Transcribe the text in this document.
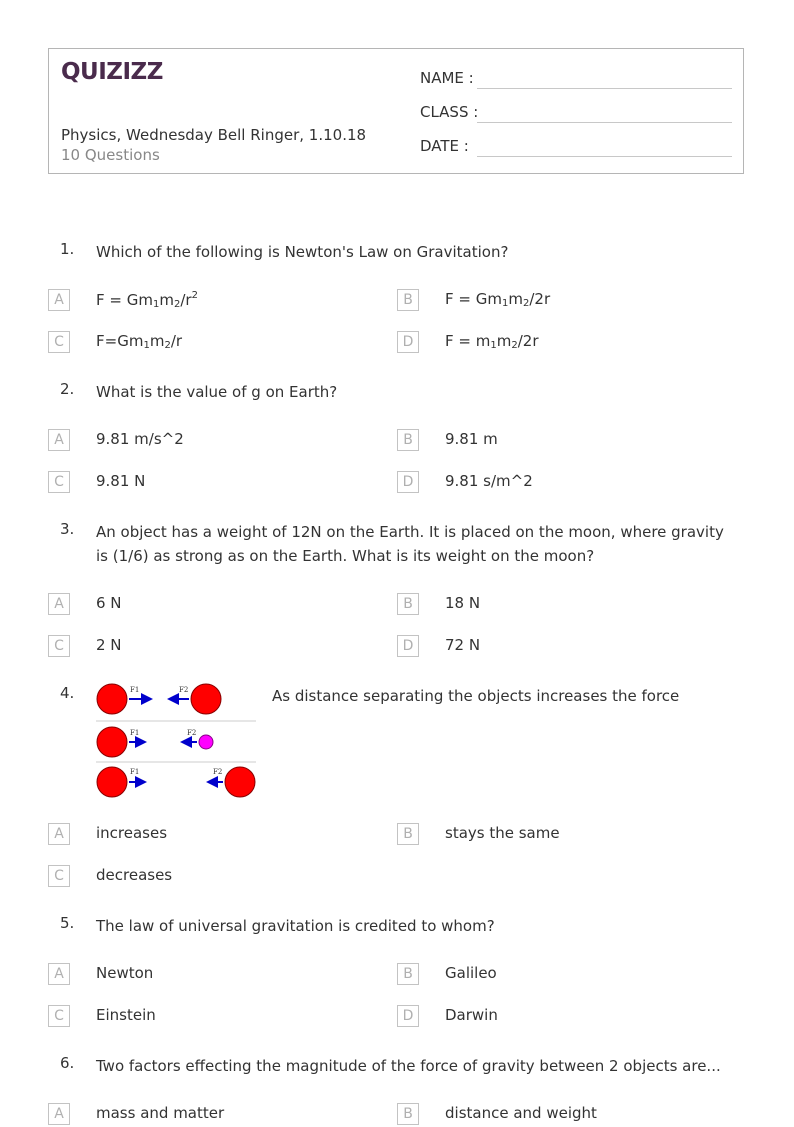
QUIZIZZ
Physics, Wednesday Bell Ringer, 1.10.18
10 Questions
NAME :
CLASS :
DATE :
1.	Which of the following is Newton's Law on Gravitation?
A	$F = Gm_1m_2/r^2$	B	$F = Gm_1m_2/2r$
C	$F=Gm_1m_2/r$	D	$F = m_1m_2/2r$
2.	What is the value of g on Earth?
A	9.81 m/s^2	B	9.81 m
C	9.81 N	D	9.81 s/m^2
3.	An object has a weight of 12N on the Earth. It is placed on the moon, where gravity is (1/6) as strong as on the Earth. What is its weight on the moon?
A	6 N	B	18 N
C	2 N	D	72 N
4.	F1	F2
F1	F2
F1	F2
As distance separating the objects increases the force
A	increases	B	stays the same
C	decreases
5.	The law of universal gravitation is credited to whom?
A	Newton	B	Galileo
C	Einstein	D	Darwin
6.	Two factors effecting the magnitude of the force of gravity between 2 objects are...
A	mass and matter	B	distance and weight
